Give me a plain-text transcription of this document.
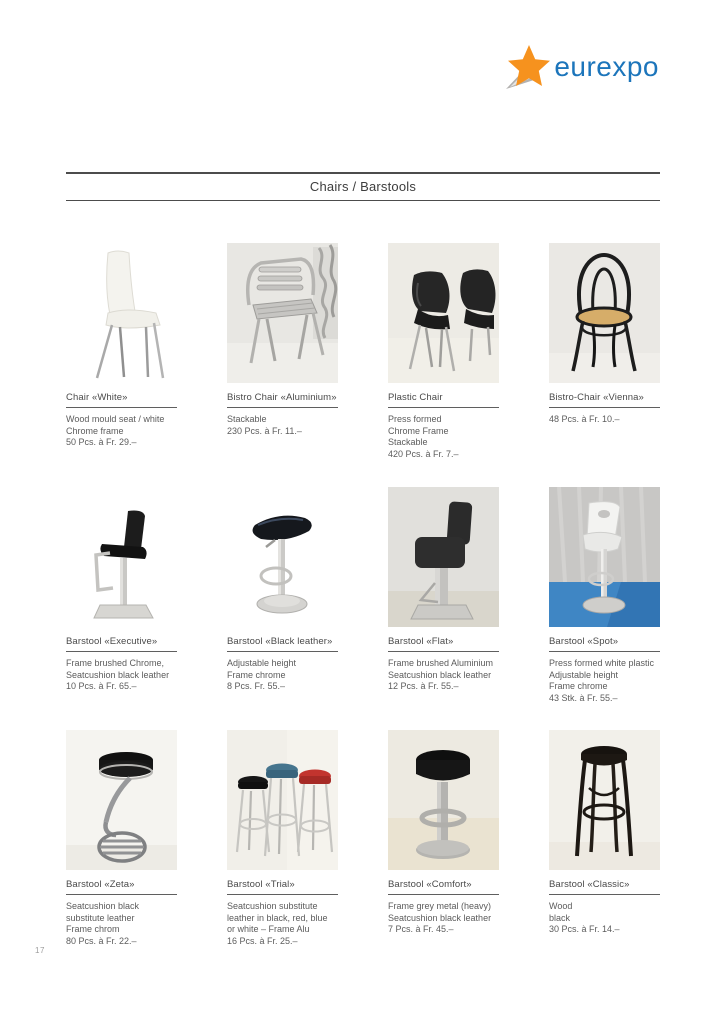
eurexpo
Chairs / Barstools
Chair «White»
Wood mould seat / white
Chrome frame
50 Pcs. à Fr. 29.–
Bistro Chair «Aluminium»
Stackable
230 Pcs. à Fr. 11.–
Plastic Chair
Press formed
Chrome Frame
Stackable
420 Pcs. à Fr. 7.–
Bistro-Chair «Vienna»
48 Pcs. à Fr. 10.–
Barstool «Executive»
Frame brushed Chrome,
Seatcushion black leather
10 Pcs. à Fr. 65.–
Barstool «Black leather»
Adjustable height
Frame chrome
8 Pcs. Fr. 55.–
Barstool «Flat»
Frame brushed Aluminium
Seatcushion black leather
12 Pcs. à Fr. 55.–
Barstool «Spot»
Press formed white plastic
Adjustable height
Frame chrome
43 Stk. à Fr. 55.–
Barstool «Zeta»
Seatcushion black
substitute leather
Frame chrom
80 Pcs. à Fr. 22.–
Barstool «Trial»
Seatcushion substitute
leather in black, red, blue
or white – Frame Alu
16 Pcs. à Fr. 25.–
Barstool «Comfort»
Frame grey metal (heavy)
Seatcushion black leather
7 Pcs. à Fr. 45.–
Barstool «Classic»
Wood
black
30 Pcs. à Fr. 14.–
17
